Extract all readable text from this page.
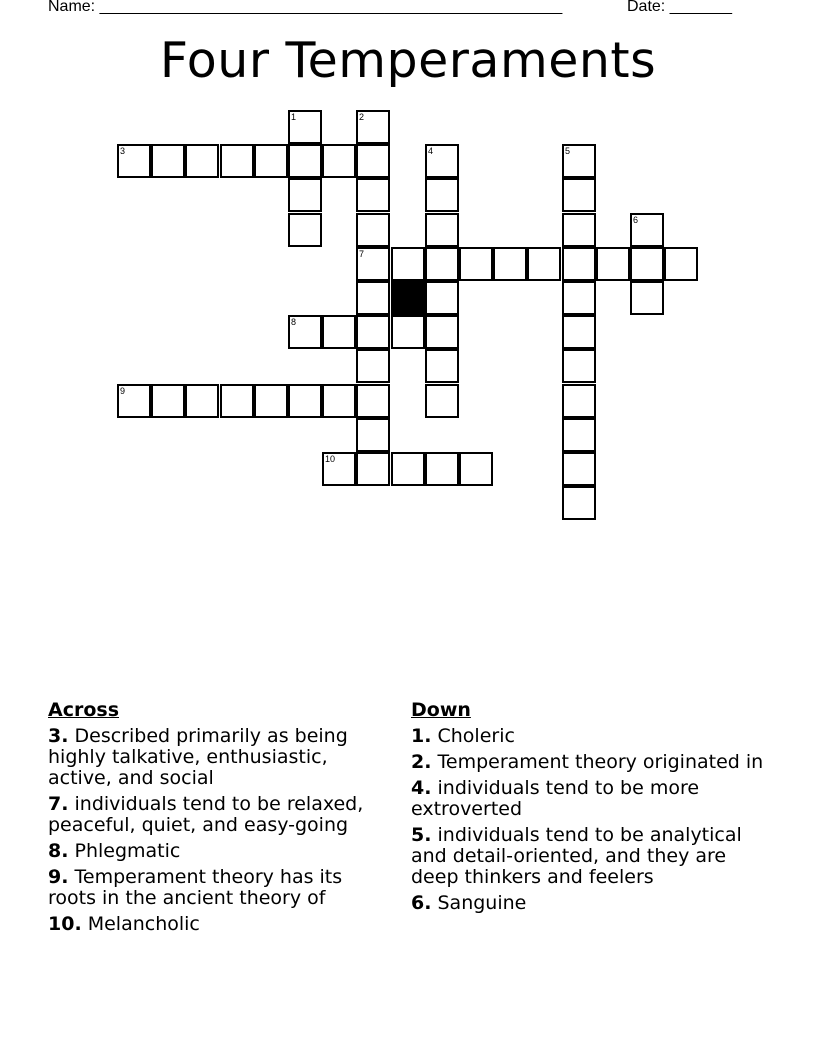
Name: ____________________________________________________	Date: _______
Four Temperaments
3
1	2
7
4	5
6
8
9
10
Across
3. Described primarily as being highly talkative, enthusiastic, active, and social
7. individuals tend to be relaxed, peaceful, quiet, and easy-going
8. Phlegmatic
9. Temperament theory has its roots in the ancient theory of
10. Melancholic
Down
1. Choleric
2. Temperament theory originated in
4. individuals tend to be more extroverted
5. individuals tend to be analytical and detail-oriented, and they are deep thinkers and feelers
6. Sanguine
